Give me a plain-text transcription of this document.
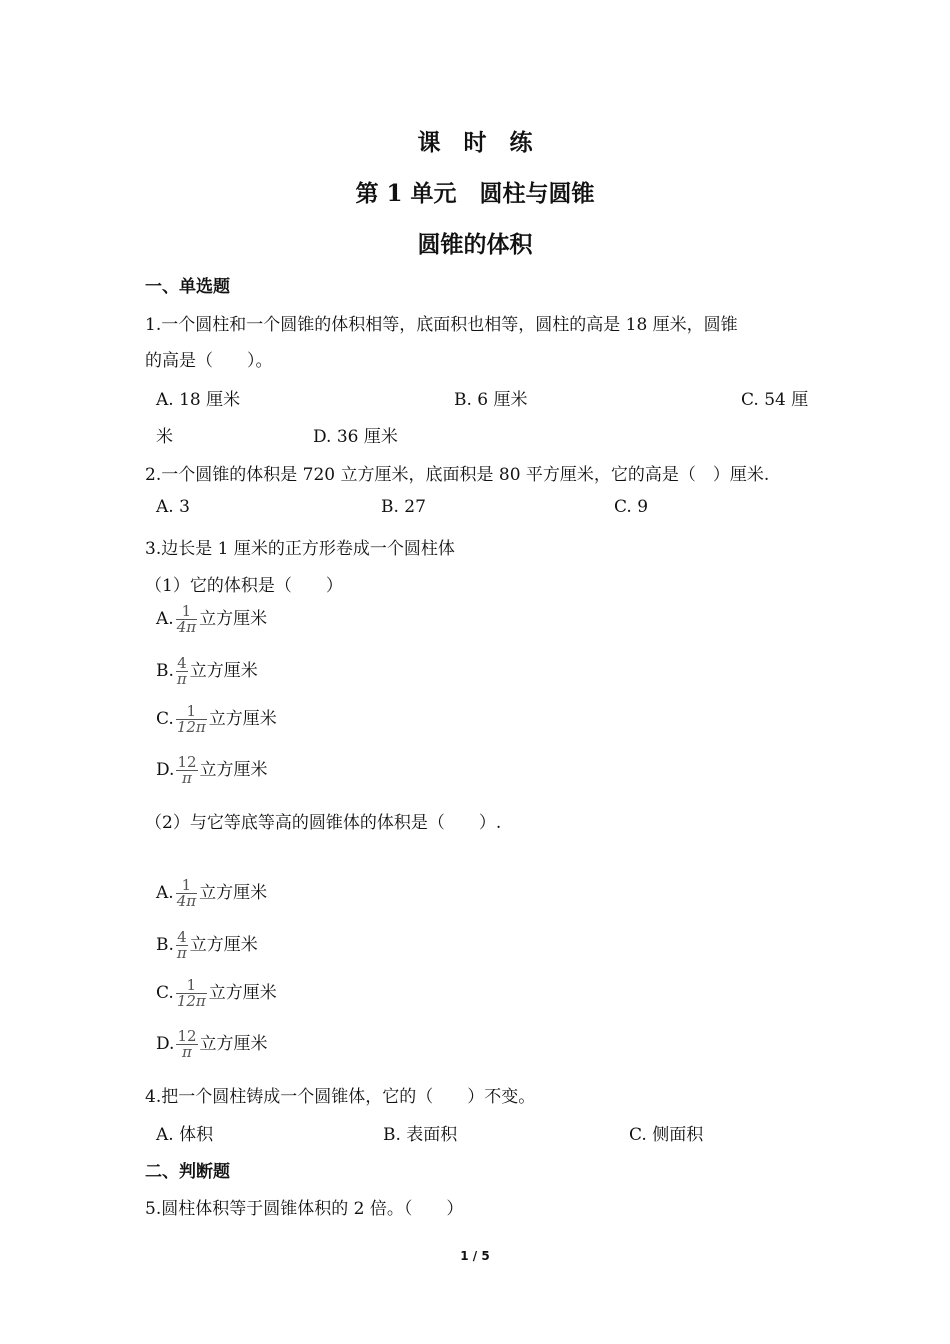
课　时　练
第 1 单元　圆柱与圆锥
圆锥的体积
一、单选题
1.一个圆柱和一个圆锥的体积相等，底面积也相等，圆柱的高是 18 厘米，圆锥
的高是（　　）。
A. 18 厘米	B. 6 厘米	C. 54 厘
米	D. 36 厘米
2.一个圆锥的体积是 720 立方厘米，底面积是 80 平方厘米，它的高是（　）厘米.
A. 3	B. 27	C. 9
3.边长是 1 厘米的正方形卷成一个圆柱体
（1）它的体积是（　　）
A. $\frac{1}{4\pi}$ 立方厘米
B. $\frac{4}{\pi}$ 立方厘米
C. $\frac{1}{12\pi}$ 立方厘米
D. $\frac{12}{\pi}$ 立方厘米
（2）与它等底等高的圆锥体的体积是（　　）.
A. $\frac{1}{4\pi}$ 立方厘米
B. $\frac{4}{\pi}$ 立方厘米
C. $\frac{1}{12\pi}$ 立方厘米
D. $\frac{12}{\pi}$ 立方厘米
4.把一个圆柱铸成一个圆锥体，它的（　　）不变。
A. 体积	B. 表面积	C. 侧面积
二、判断题
5.圆柱体积等于圆锥体积的 2 倍。（　　）
1 / 5
